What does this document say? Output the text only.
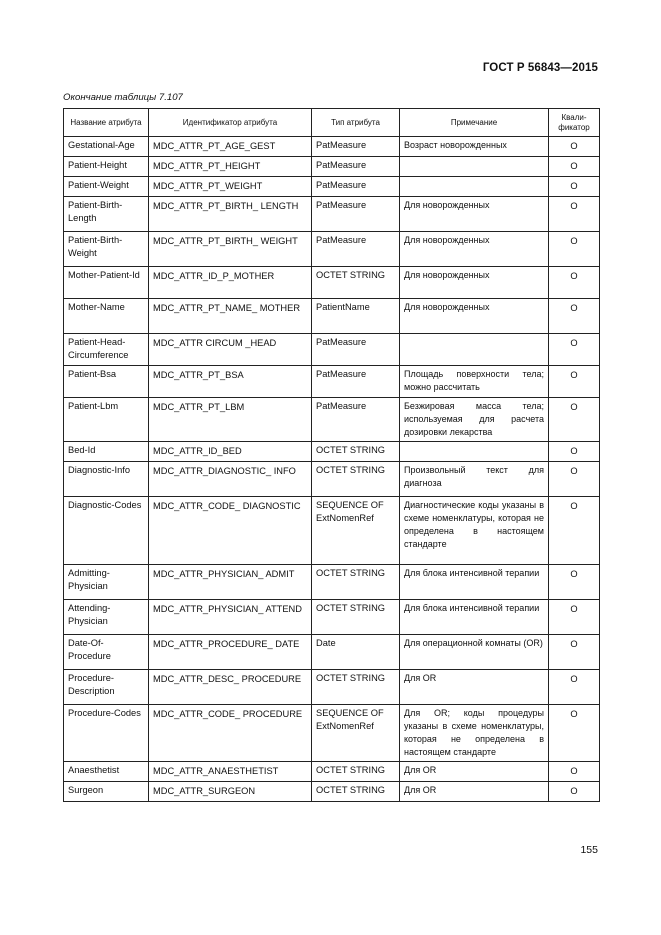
ГОСТ Р 56843—2015
Окончание таблицы 7.107
Название атрибута	Идентификатор атрибута	Тип атрибута	Примечание	Квали-фикатор
Gestational-Age	MDC_ATTR_PT_AGE_GEST	PatMeasure	Возраст новорожденных	O
Patient-Height	MDC_ATTR_PT_HEIGHT	PatMeasure		O
Patient-Weight	MDC_ATTR_PT_WEIGHT	PatMeasure		O
Patient-Birth-Length	MDC_ATTR_PT_BIRTH_ LENGTH	PatMeasure	Для новорожденных	O
Patient-Birth-Weight	MDC_ATTR_PT_BIRTH_ WEIGHT	PatMeasure	Для новорожденных	O
Mother-Patient-Id	MDC_ATTR_ID_P_MOTHER	OCTET STRING	Для новорожденных	O
Mother-Name	MDC_ATTR_PT_NAME_ MOTHER	PatientName	Для новорожденных	O
Patient-Head-Circumference	MDC_ATTR CIRCUM _HEAD	PatMeasure		O
Patient-Bsa	MDC_ATTR_PT_BSA	PatMeasure	Площадь поверхности тела; можно рассчитать	O
Patient-Lbm	MDC_ATTR_PT_LBM	PatMeasure	Безжировая масса тела; используемая для расчета дозировки лекарства	O
Bed-Id	MDC_ATTR_ID_BED	OCTET STRING		O
Diagnostic-Info	MDC_ATTR_DIAGNOSTIC_ INFO	OCTET STRING	Произвольный текст для диагноза	O
Diagnostic-Codes	MDC_ATTR_CODE_ DIAGNOSTIC	SEQUENCE OF ExtNomenRef	Диагностические коды указаны в схеме номенклатуры, которая не определена в настоящем стандарте	O
Admitting-Physician	MDC_ATTR_PHYSICIAN_ ADMIT	OCTET STRING	Для блока интенсивной терапии	O
Attending-Physician	MDC_ATTR_PHYSICIAN_ ATTEND	OCTET STRING	Для блока интенсивной терапии	O
Date-Of-Procedure	MDC_ATTR_PROCEDURE_ DATE	Date	Для операционной комнаты (OR)	O
Procedure-Description	MDC_ATTR_DESC_ PROCEDURE	OCTET STRING	Для OR	O
Procedure-Codes	MDC_ATTR_CODE_ PROCEDURE	SEQUENCE OF ExtNomenRef	Для OR; коды процедуры указаны в схеме номенклатуры, которая не определена в настоящем стандарте	O
Anaesthetist	MDC_ATTR_ANAESTHETIST	OCTET STRING	Для OR	O
Surgeon	MDC_ATTR_SURGEON	OCTET STRING	Для OR	O
155
